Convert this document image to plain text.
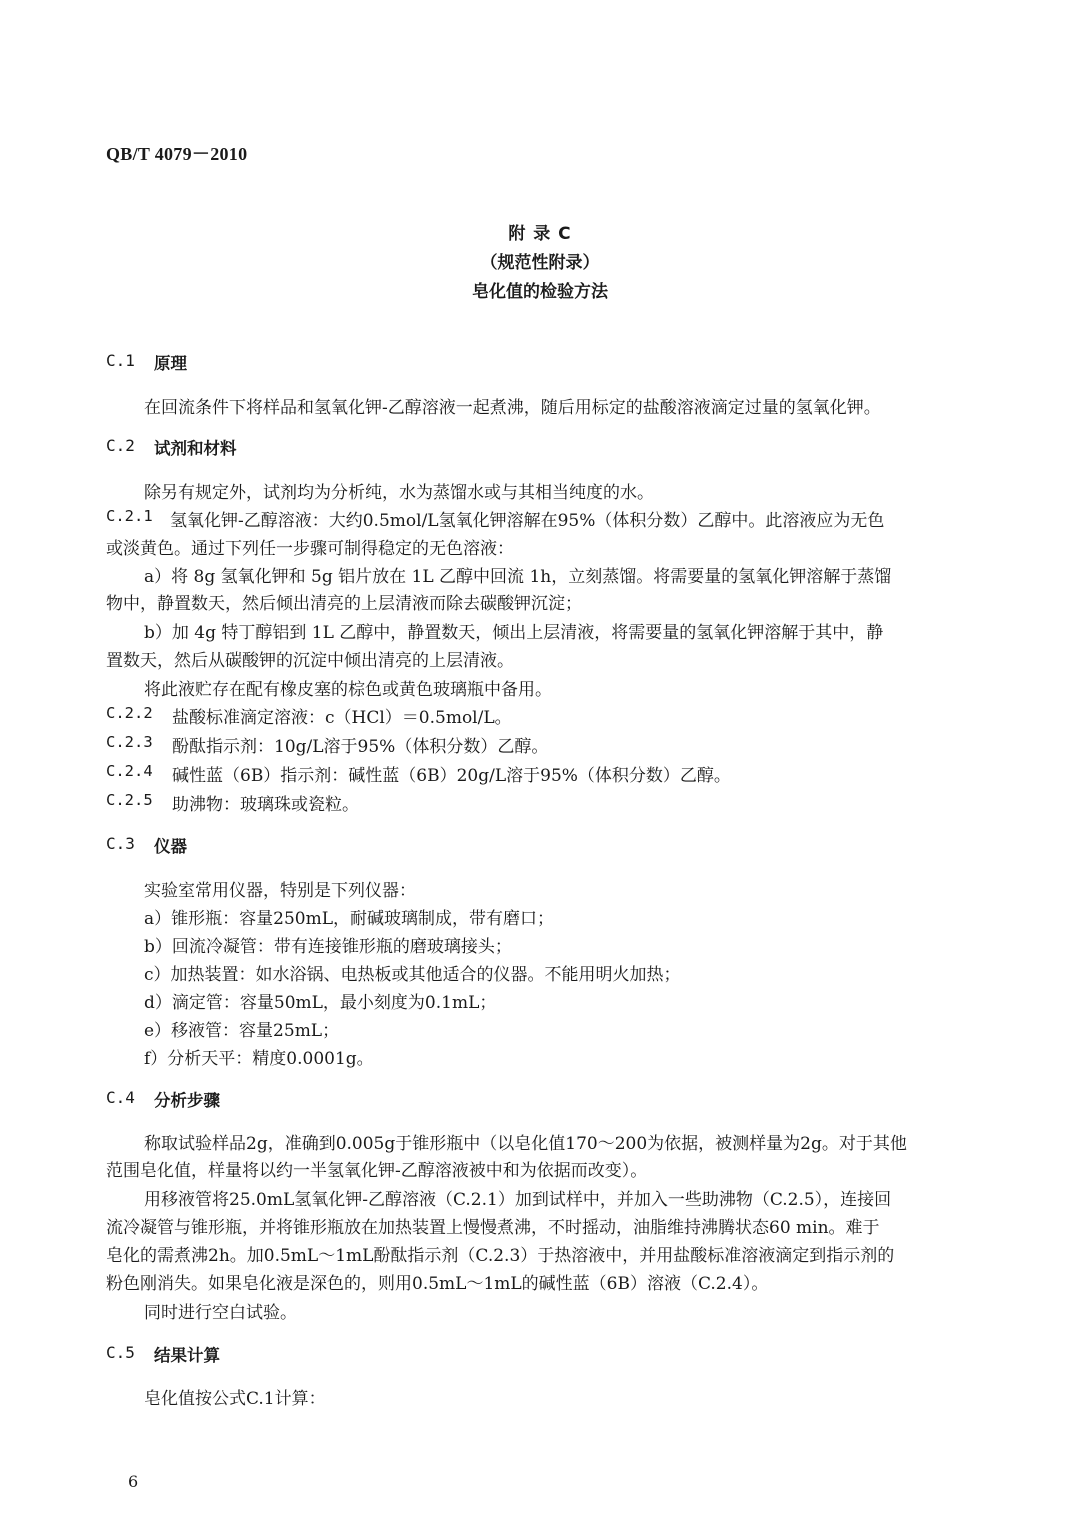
QB/T 4079－2010
附 录 C
（规范性附录）
皂化值的检验方法
C.1 原理
在回流条件下将样品和氢氧化钾-乙醇溶液一起煮沸，随后用标定的盐酸溶液滴定过量的氢氧化钾。
C.2 试剂和材料
除另有规定外，试剂均为分析纯，水为蒸馏水或与其相当纯度的水。
C.2.1 氢氧化钾-乙醇溶液：大约0.5mol/L氢氧化钾溶解在95%（体积分数）乙醇中。此溶液应为无色
或淡黄色。通过下列任一步骤可制得稳定的无色溶液：
a）将 8g 氢氧化钾和 5g 铝片放在 1L 乙醇中回流 1h，立刻蒸馏。将需要量的氢氧化钾溶解于蒸馏
物中，静置数天，然后倾出清亮的上层清液而除去碳酸钾沉淀；
b）加 4g 特丁醇铝到 1L 乙醇中，静置数天，倾出上层清液，将需要量的氢氧化钾溶解于其中，静
置数天，然后从碳酸钾的沉淀中倾出清亮的上层清液。
将此液贮存在配有橡皮塞的棕色或黄色玻璃瓶中备用。
C.2.2 盐酸标准滴定溶液：c（HCl）＝0.5mol/L。
C.2.3 酚酞指示剂：10g/L溶于95%（体积分数）乙醇。
C.2.4 碱性蓝（6B）指示剂：碱性蓝（6B）20g/L溶于95%（体积分数）乙醇。
C.2.5 助沸物：玻璃珠或瓷粒。
C.3 仪器
实验室常用仪器，特别是下列仪器：
a）锥形瓶：容量250mL，耐碱玻璃制成，带有磨口；
b）回流冷凝管：带有连接锥形瓶的磨玻璃接头；
c）加热装置：如水浴锅、电热板或其他适合的仪器。不能用明火加热；
d）滴定管：容量50mL，最小刻度为0.1mL；
e）移液管：容量25mL；
f）分析天平：精度0.0001g。
C.4 分析步骤
称取试验样品2g，准确到0.005g于锥形瓶中（以皂化值170～200为依据，被测样量为2g。对于其他
范围皂化值，样量将以约一半氢氧化钾-乙醇溶液被中和为依据而改变）。
用移液管将25.0mL氢氧化钾-乙醇溶液（C.2.1）加到试样中，并加入一些助沸物（C.2.5），连接回
流冷凝管与锥形瓶，并将锥形瓶放在加热装置上慢慢煮沸，不时摇动，油脂维持沸腾状态60 min。难于
皂化的需煮沸2h。加0.5mL～1mL酚酞指示剂（C.2.3）于热溶液中，并用盐酸标准溶液滴定到指示剂的
粉色刚消失。如果皂化液是深色的，则用0.5mL～1mL的碱性蓝（6B）溶液（C.2.4）。
同时进行空白试验。
C.5 结果计算
皂化值按公式C.1计算：
6
